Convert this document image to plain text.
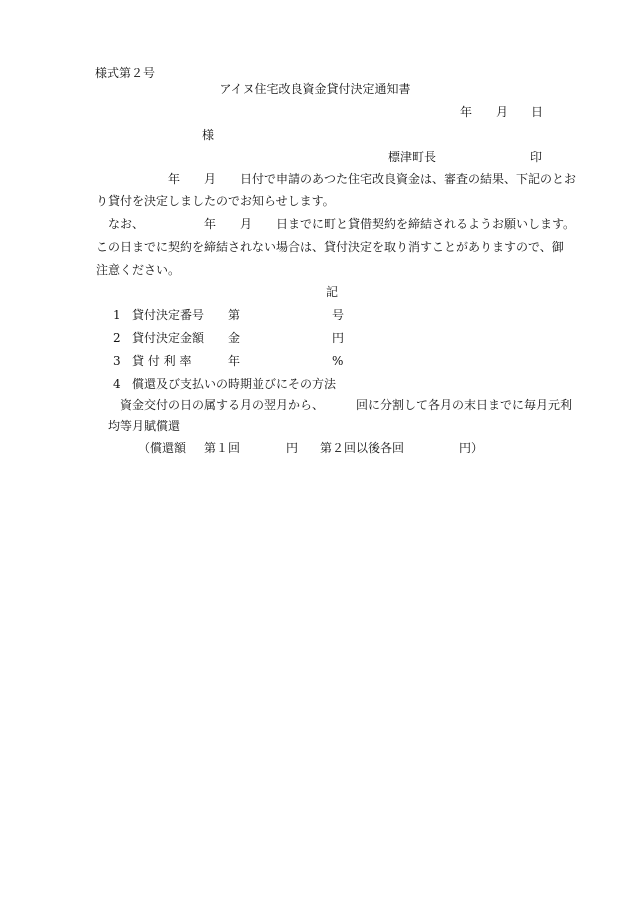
様式第２号
アイヌ住宅改良資金貸付決定通知書
年 月 日
様
標津町長	印
年 月 日付で申請のあつた住宅改良資金は、審査の結果、下記のとお
り貸付を決定しましたのでお知らせします。
なお、	年 月 日までに町と貸借契約を締結されるようお願いします。
この日までに契約を締結されない場合は、貸付決定を取り消すことがありますので、御
注意ください。
記
1 貸付決定番号 第	号
2 貸付決定金額 金	円
3 貸 付 利 率	年	%
4 償還及び支払いの時期並びにその方法
資金交付の日の属する月の翌月から、	回に分割して各月の末日までに毎月元利
均等月賦償還
（償還額 第１回	円 第２回以後各回	円）
